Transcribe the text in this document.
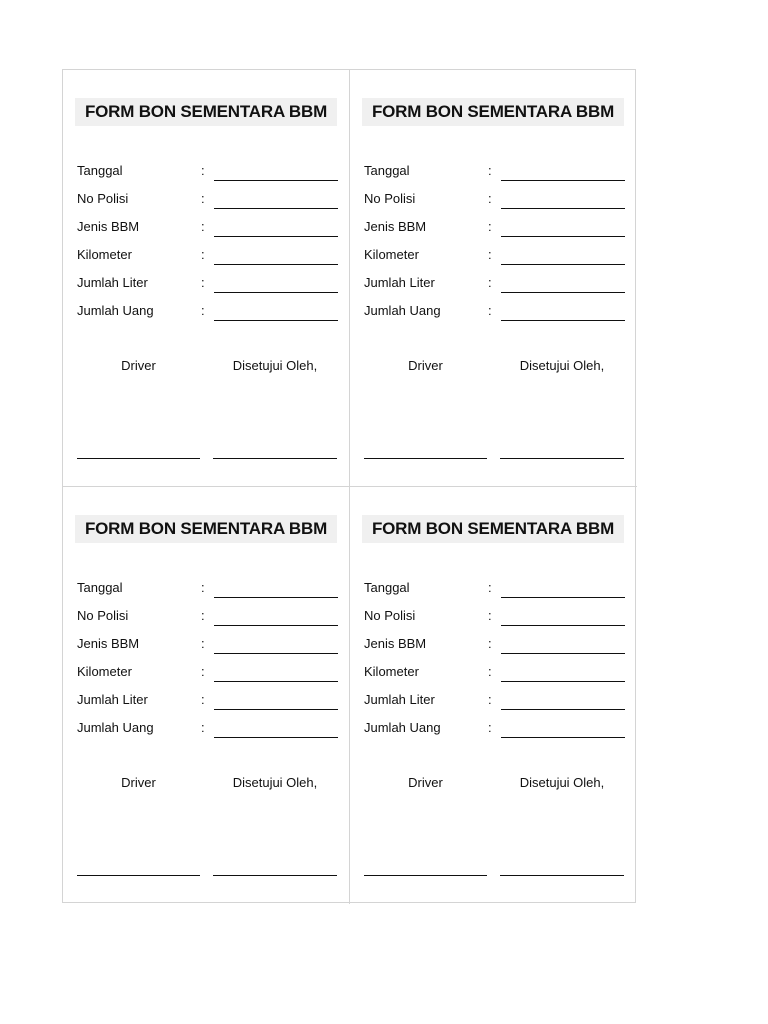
FORM BON SEMENTARA BBM
Tanggal	:
No Polisi	:
Jenis BBM	:
Kilometer	:
Jumlah Liter	:
Jumlah Uang	:
Driver	Disetujui Oleh,
FORM BON SEMENTARA BBM
Tanggal	:
No Polisi	:
Jenis BBM	:
Kilometer	:
Jumlah Liter	:
Jumlah Uang	:
Driver	Disetujui Oleh,
FORM BON SEMENTARA BBM
Tanggal	:
No Polisi	:
Jenis BBM	:
Kilometer	:
Jumlah Liter	:
Jumlah Uang	:
Driver	Disetujui Oleh,
FORM BON SEMENTARA BBM
Tanggal	:
No Polisi	:
Jenis BBM	:
Kilometer	:
Jumlah Liter	:
Jumlah Uang	:
Driver	Disetujui Oleh,
